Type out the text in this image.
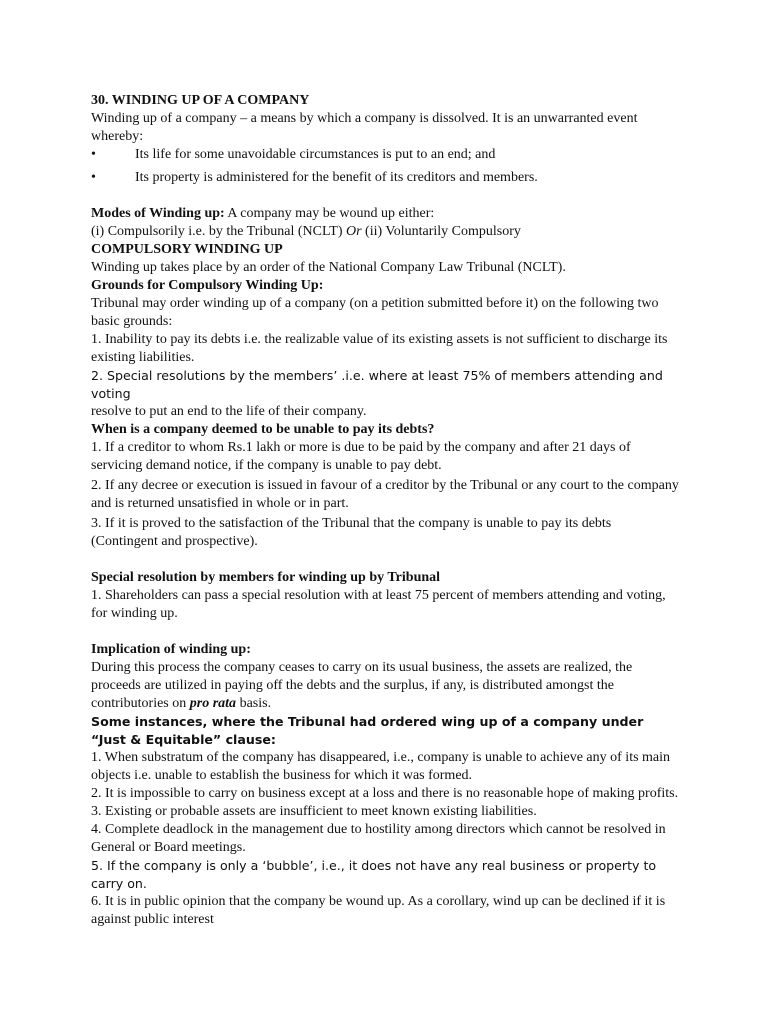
30. WINDING UP OF A COMPANY

Winding up of a company – a means by which a company is dissolved. It is an unwarranted event whereby:

•	Its life for some unavoidable circumstances is put to an end; and
•	Its property is administered for the benefit of its creditors and members.

Modes of Winding up: A company may be wound up either:

(i) Compulsorily i.e. by the Tribunal (NCLT) Or (ii) Voluntarily Compulsory

COMPULSORY WINDING UP

Winding up takes place by an order of the National Company Law Tribunal (NCLT).

Grounds for Compulsory Winding Up:

Tribunal may order winding up of a company (on a petition submitted before it) on the following two basic grounds:

1. Inability to pay its debts i.e. the realizable value of its existing assets is not sufficient to discharge its existing liabilities.

2. Special resolutions by the members’ .i.e. where at least 75% of members attending and voting

resolve to put an end to the life of their company.

When is a company deemed to be unable to pay its debts?

1. If a creditor to whom Rs.1 lakh or more is due to be paid by the company and after 21 days of servicing demand notice, if the company is unable to pay debt.

2. If any decree or execution is issued in favour of a creditor by the Tribunal or any court to the company and is returned unsatisfied in whole or in part.

3. If it is proved to the satisfaction of the Tribunal that the company is unable to pay its debts (Contingent and prospective).

Special resolution by members for winding up by Tribunal

1. Shareholders can pass a special resolution with at least 75 percent of members attending and voting, for winding up.

Implication of winding up:

During this process the company ceases to carry on its usual business, the assets are realized, the proceeds are utilized in paying off the debts and the surplus, if any, is distributed amongst the contributories on pro rata basis.

Some instances, where the Tribunal had ordered wing up of a company under “Just & Equitable” clause:

1. When substratum of the company has disappeared, i.e., company is unable to achieve any of its main objects i.e. unable to establish the business for which it was formed.

2. It is impossible to carry on business except at a loss and there is no reasonable hope of making profits.

3. Existing or probable assets are insufficient to meet known existing liabilities.

4. Complete deadlock in the management due to hostility among directors which cannot be resolved in General or Board meetings.

5. If the company is only a ‘bubble’, i.e., it does not have any real business or property to carry on.

6. It is in public opinion that the company be wound up. As a corollary, wind up can be declined if it is against public interest
